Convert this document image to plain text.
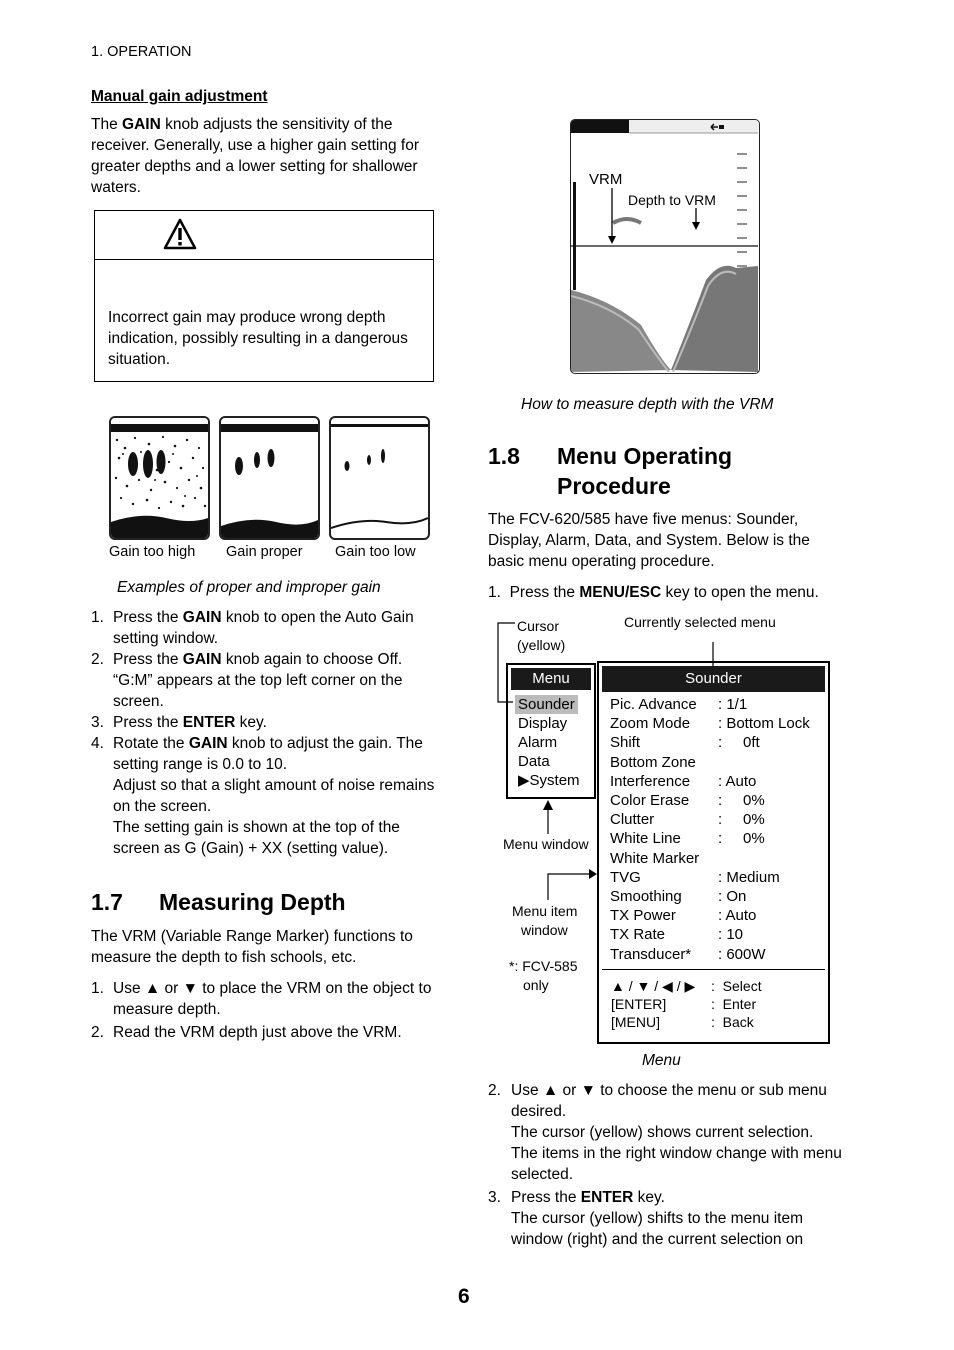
1. OPERATION
Manual gain adjustment

The GAIN knob adjusts the sensitivity of the receiver. Generally, use a higher gain setting for greater depths and a lower setting for shallower waters.

Incorrect gain may produce wrong depth indication, possibly resulting in a dangerous situation.
Gain too high Gain proper Gain too low
Examples of proper and improper gain
1. Press the GAIN knob to open the Auto Gain setting window.
2. Press the GAIN knob again to choose Off. “G:M” appears at the top left corner on the screen.
3. Press the ENTER key.
4. Rotate the GAIN knob to adjust the gain. The setting range is 0.0 to 10.
Adjust so that a slight amount of noise remains on the screen.
The setting gain is shown at the top of the screen as G (Gain) + XX (setting value).
1.7 Measuring Depth

The VRM (Variable Range Marker) functions to measure the depth to fish schools, etc.

1. Use ▲ or ▼ to place the VRM on the object to measure depth.
2. Read the VRM depth just above the VRM.
VRM
Depth to VRM
How to measure depth with the VRM
1.8 Menu Operating
Procedure

The FCV-620/585 have five menus: Sounder, Display, Alarm, Data, and System. Below is the basic menu operating procedure.

1. Press the MENU/ESC key to open the menu.
Cursor
(yellow)
Currently selected menu
Menu
Sounder
Display
Alarm
Data
▶System
Sounder
Pic. Advance : 1/1
Zoom Mode : Bottom Lock
Shift	:     0ft
Bottom Zone
Interference : Auto
Color Erase :     0%
Clutter	:     0%
White Line :     0%
White Marker
TVG	: Medium
Smoothing : On
TX Power	: Auto
TX Rate	: 10
Transducer* : 600W
▲ / ▼ / ◀ / ▶ :  Select
[ENTER]	:  Enter
[MENU]	:  Back
Menu window
Menu item
window
*: FCV-585
only
Menu
2. Use ▲ or ▼ to choose the menu or sub menu desired.
The cursor (yellow) shows current selection. The items in the right window change with menu selected.
3. Press the ENTER key.
The cursor (yellow) shifts to the menu item window (right) and the current selection on
6
